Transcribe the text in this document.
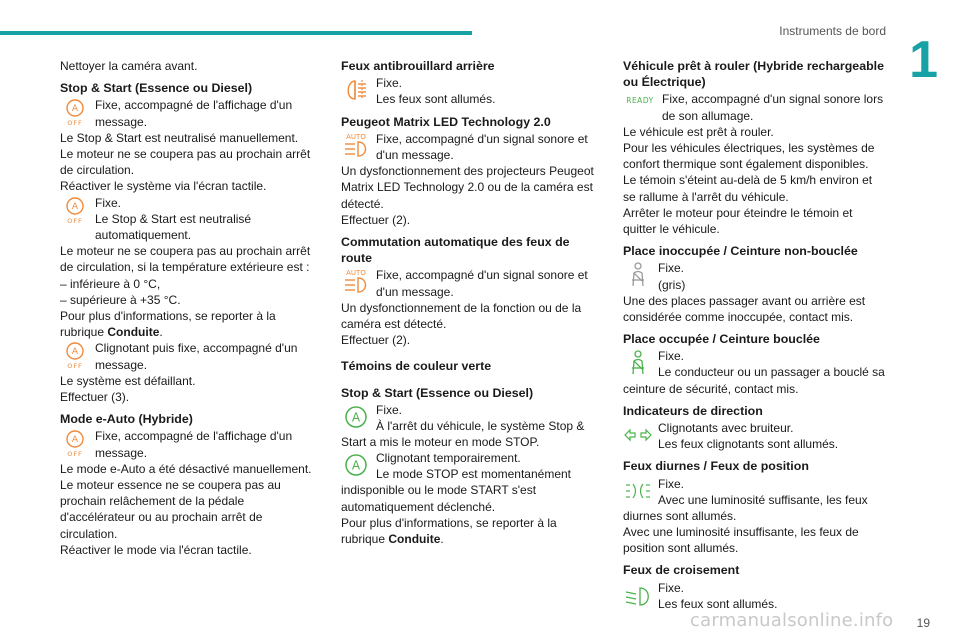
Instruments de bord 1
19
carmanualsonline.info

Nettoyer la caméra avant.

Stop & Start (Essence ou Diesel)
A
OFF
Fixe, accompagné de l'affichage d'un message.

Le Stop & Start est neutralisé manuellement.

Le moteur ne se coupera pas au prochain arrêt de circulation.

Réactiver le système via l'écran tactile.

A
OFF
Fixe.
Le Stop & Start est neutralisé automatiquement.

Le moteur ne se coupera pas au prochain arrêt de circulation, si la température extérieure est :

– inférieure à 0 °C,

– supérieure à +35 °C.

Pour plus d'informations, se reporter à la rubrique Conduite.

A
OFF
Clignotant puis fixe, accompagné d'un message.

Le système est défaillant.

Effectuer (3).

Mode e-Auto (Hybride)
A
OFF
Fixe, accompagné de l'affichage d'un message.

Le mode e-Auto a été désactivé manuellement.

Le moteur essence ne se coupera pas au prochain relâchement de la pédale d'accélérateur ou au prochain arrêt de circulation.

Réactiver le mode via l'écran tactile.

Feux antibrouillard arrière
Fixe.
Les feux sont allumés.
Peugeot Matrix LED Technology 2.0
AUTO Fixe, accompagné d'un signal sonore et d'un message.

Un dysfonctionnement des projecteurs Peugeot Matrix LED Technology 2.0 ou de la caméra est détecté.

Effectuer (2).

Commutation automatique des feux de route
AUTO Fixe, accompagné d'un signal sonore et d'un message.

Un dysfonctionnement de la fonction ou de la caméra est détecté.

Effectuer (2).

Témoins de couleur verte
Stop & Start (Essence ou Diesel)
A
Fixe.

À l'arrêt du véhicule, le système Stop & Start a mis le moteur en mode STOP.

A
Clignotant temporairement.

Le mode STOP est momentanément indisponible ou le mode START s'est automatiquement déclenché.

Pour plus d'informations, se reporter à la rubrique Conduite.

Véhicule prêt à rouler (Hybride rechargeable ou Électrique)
READY Fixe, accompagné d'un signal sonore lors de son allumage.

Le véhicule est prêt à rouler.

Pour les véhicules électriques, les systèmes de confort thermique sont également disponibles.

Le témoin s'éteint au-delà de 5 km/h environ et se rallume à l'arrêt du véhicule.

Arrêter le moteur pour éteindre le témoin et quitter le véhicule.

Place inoccupée / Ceinture non-bouclée
Fixe.
(gris)

Une des places passager avant ou arrière est considérée comme inoccupée, contact mis.

Place occupée / Ceinture bouclée
Fixe.

Le conducteur ou un passager a bouclé sa ceinture de sécurité, contact mis.

Indicateurs de direction
Clignotants avec bruiteur.
Les feux clignotants sont allumés.
Feux diurnes / Feux de position
Fixe.

Avec une luminosité suffisante, les feux diurnes sont allumés.

Avec une luminosité insuffisante, les feux de position sont allumés.

Feux de croisement
Fixe.
Les feux sont allumés.
